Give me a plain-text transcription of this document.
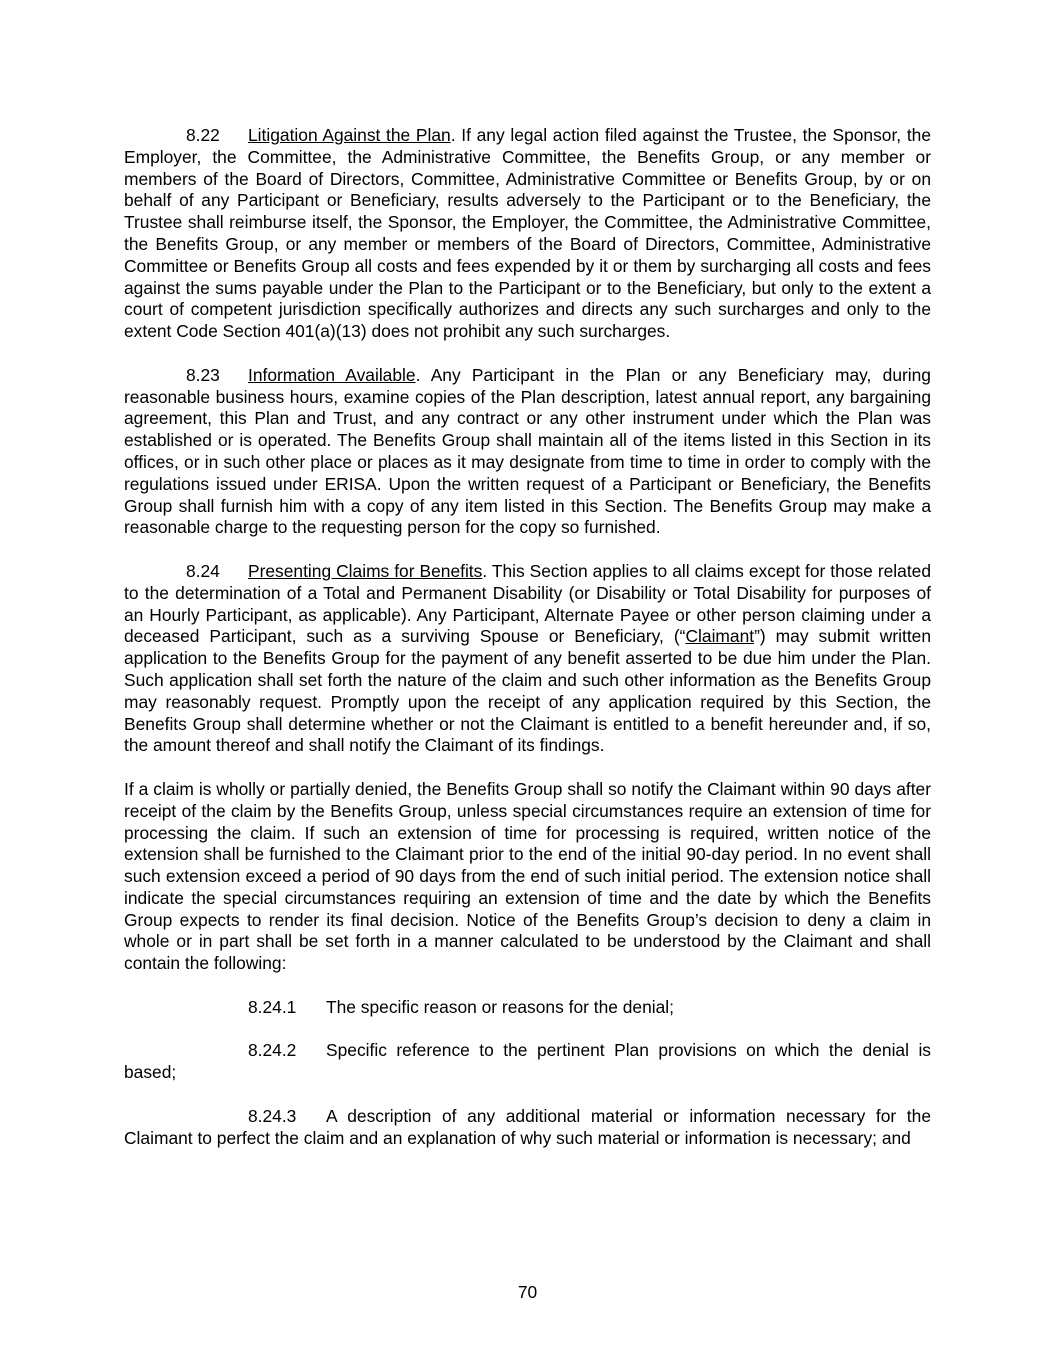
8.22 Litigation Against the Plan. If any legal action filed against the Trustee, the Sponsor, the Employer, the Committee, the Administrative Committee, the Benefits Group, or any member or members of the Board of Directors, Committee, Administrative Committee or Benefits Group, by or on behalf of any Participant or Beneficiary, results adversely to the Participant or to the Beneficiary, the Trustee shall reimburse itself, the Sponsor, the Employer, the Committee, the Administrative Committee, the Benefits Group, or any member or members of the Board of Directors, Committee, Administrative Committee or Benefits Group all costs and fees expended by it or them by surcharging all costs and fees against the sums payable under the Plan to the Participant or to the Beneficiary, but only to the extent a court of competent jurisdiction specifically authorizes and directs any such surcharges and only to the extent Code Section 401(a)(13) does not prohibit any such surcharges.

8.23 Information Available. Any Participant in the Plan or any Beneficiary may, during reasonable business hours, examine copies of the Plan description, latest annual report, any bargaining agreement, this Plan and Trust, and any contract or any other instrument under which the Plan was established or is operated. The Benefits Group shall maintain all of the items listed in this Section in its offices, or in such other place or places as it may designate from time to time in order to comply with the regulations issued under ERISA. Upon the written request of a Participant or Beneficiary, the Benefits Group shall furnish him with a copy of any item listed in this Section. The Benefits Group may make a reasonable charge to the requesting person for the copy so furnished.

8.24 Presenting Claims for Benefits. This Section applies to all claims except for those related to the determination of a Total and Permanent Disability (or Disability or Total Disability for purposes of an Hourly Participant, as applicable). Any Participant, Alternate Payee or other person claiming under a deceased Participant, such as a surviving Spouse or Beneficiary, (“Claimant”) may submit written application to the Benefits Group for the payment of any benefit asserted to be due him under the Plan. Such application shall set forth the nature of the claim and such other information as the Benefits Group may reasonably request. Promptly upon the receipt of any application required by this Section, the Benefits Group shall determine whether or not the Claimant is entitled to a benefit hereunder and, if so, the amount thereof and shall notify the Claimant of its findings.

If a claim is wholly or partially denied, the Benefits Group shall so notify the Claimant within 90 days after receipt of the claim by the Benefits Group, unless special circumstances require an extension of time for processing the claim. If such an extension of time for processing is required, written notice of the extension shall be furnished to the Claimant prior to the end of the initial 90-day period. In no event shall such extension exceed a period of 90 days from the end of such initial period. The extension notice shall indicate the special circumstances requiring an extension of time and the date by which the Benefits Group expects to render its final decision. Notice of the Benefits Group’s decision to deny a claim in whole or in part shall be set forth in a manner calculated to be understood by the Claimant and shall contain the following:

8.24.1 The specific reason or reasons for the denial;

8.24.2 Specific reference to the pertinent Plan provisions on which the denial is based;

8.24.3 A description of any additional material or information necessary for the Claimant to perfect the claim and an explanation of why such material or information is necessary; and

70
